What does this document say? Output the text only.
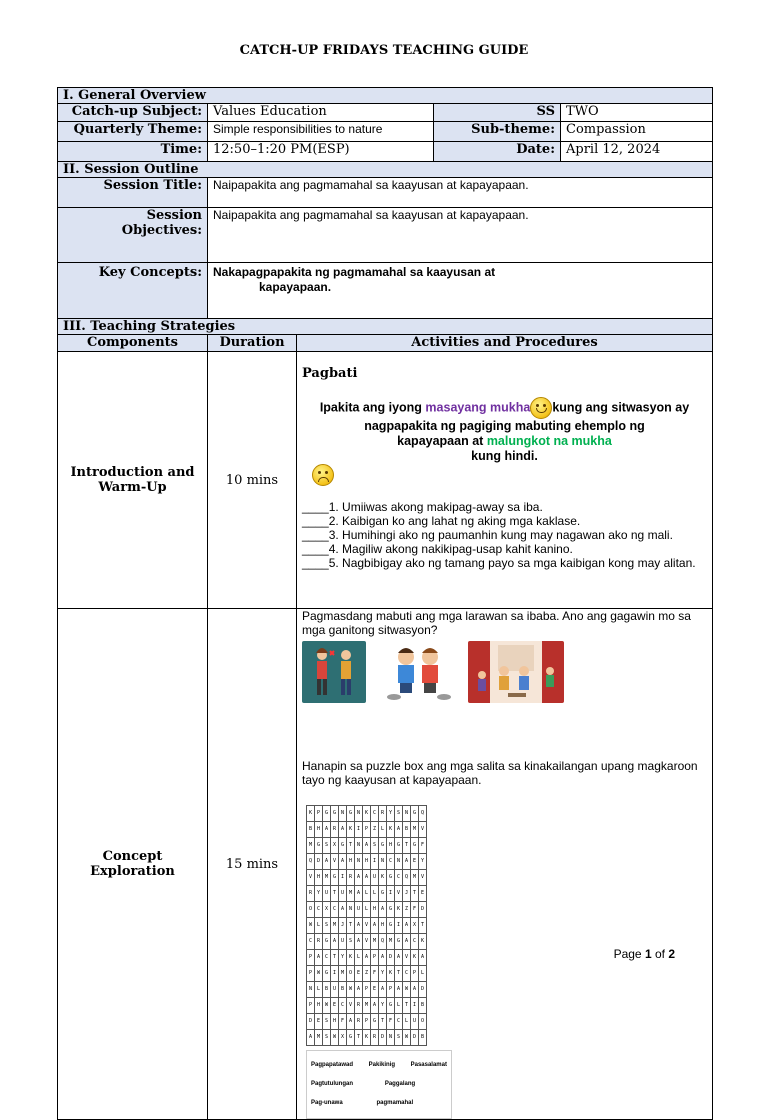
CATCH-UP FRIDAYS TEACHING GUIDE
I. General Overview
Catch-up Subject:	Values Education	SS	TWO
Quarterly Theme:	Simple responsibilities to nature	Sub-theme:	Compassion
Time:	12:50–1:20 PM(ESP)	Date:	April 12, 2024
II. Session Outline
Session Title:	Naipapakita ang pagmamahal sa kaayusan at kapayapaan.

Session
Objectives:
	Naipapakita ang pagmamahal sa kaayusan at kapayapaan.
Key Concepts:	Nakapagpapakita ng pagmamahal sa kaayusan at
kapayapaan.

III. Teaching Strategies
Components	Duration	Activities and Procedures

Introduction and
Warm-Up	10 mins	
Pagbati
Ipakita ang iyong masayang mukha kung ang sitwasyon ay
nagpapakita ng pagiging mabuting ehemplo ng
kapayapaan at malungkot na mukha
kung hindi.
____1. Umiiwas akong makipag-away sa iba.
____2. Kaibigan ko ang lahat ng aking mga kaklase.
____3. Humihingi ako ng paumanhin kung may nagawan ako ng mali.
____4. Magiliw akong nakikipag-usap kahit kanino.
____5. Nagbibigay ako ng tamang payo sa mga kaibigan kong may alitan.

Concept
Exploration	15 mins	
Pagmasdang mabuti ang mga larawan sa ibaba. Ano ang gagawin mo sa mga ganitong sitwasyon?

Hanapin sa puzzle box ang mga salita sa kinakailangan upang magkaroon tayo ng kaayusan at kapayapaan.
K	P	G	G	N	G	N	K	C	R	Y	S	N	G	Q
B	H	A	R	A	K	I	P	Z	L	K	A	B	M	V
M	G	S	X	G	T	N	A	S	G	H	G	T	G	F
Q	D	A	V	A	H	N	H	I	N	C	N	A	E	Y
V	H	M	G	I	R	A	A	U	K	G	C	Q	M	V
R	Y	U	T	U	M	A	L	L	G	I	V	J	T	E
O	C	X	C	A	N	U	L	H	A	G	K	Z	F	D
W	L	S	M	J	T	A	V	A	H	G	I	A	X	T
C	R	G	A	U	S	A	V	M	Q	M	G	A	C	K
P	A	C	T	Y	K	L	A	P	A	D	A	V	K	A
P	W	G	I	M	O	E	Z	F	Y	K	T	C	P	L
N	L	B	U	B	W	A	P	E	A	P	A	W	A	D
P	H	W	E	C	V	R	M	A	Y	G	L	T	I	B
D	E	S	H	F	A	R	P	G	T	F	C	L	U	O
A	M	S	W	X	G	T	K	R	D	N	S	W	D	B
Pagpapatawad	Pakikinig	Pasasalamat
Pagtutulungan	Paggalang
Pag-unawa	pagmamahal
Page 1 of 2
